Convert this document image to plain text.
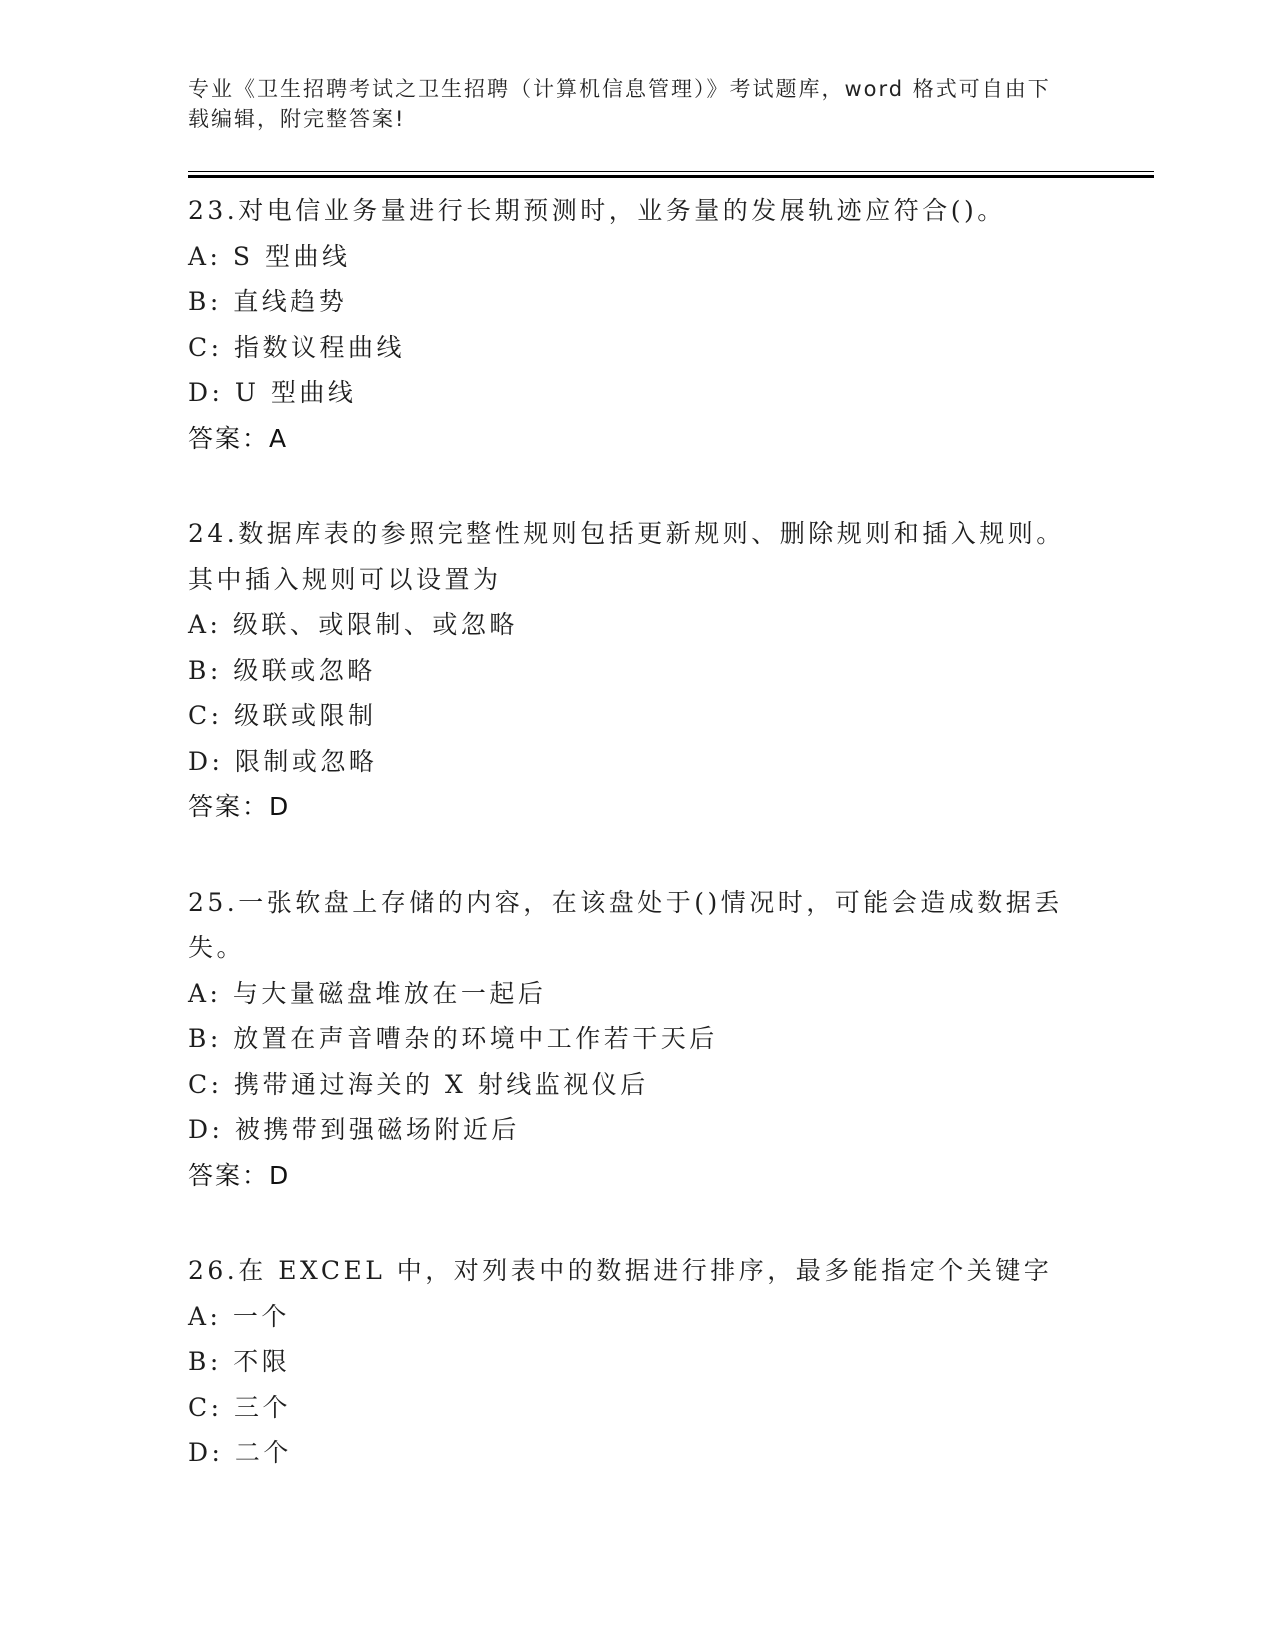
专业《卫生招聘考试之卫生招聘（计算机信息管理）》考试题库，word 格式可自由下载编辑，附完整答案!
23.对电信业务量进行长期预测时，业务量的发展轨迹应符合()。
A: S 型曲线
B: 直线趋势
C: 指数议程曲线
D: U 型曲线
答案：A
24.数据库表的参照完整性规则包括更新规则、删除规则和插入规则。其中插入规则可以设置为
A: 级联、或限制、或忽略
B: 级联或忽略
C: 级联或限制
D: 限制或忽略
答案：D
25.一张软盘上存储的内容，在该盘处于()情况时，可能会造成数据丢失。
A: 与大量磁盘堆放在一起后
B: 放置在声音嘈杂的环境中工作若干天后
C: 携带通过海关的 X 射线监视仪后
D: 被携带到强磁场附近后
答案：D
26.在 EXCEL 中，对列表中的数据进行排序，最多能指定个关键字
A: 一个
B: 不限
C: 三个
D: 二个
